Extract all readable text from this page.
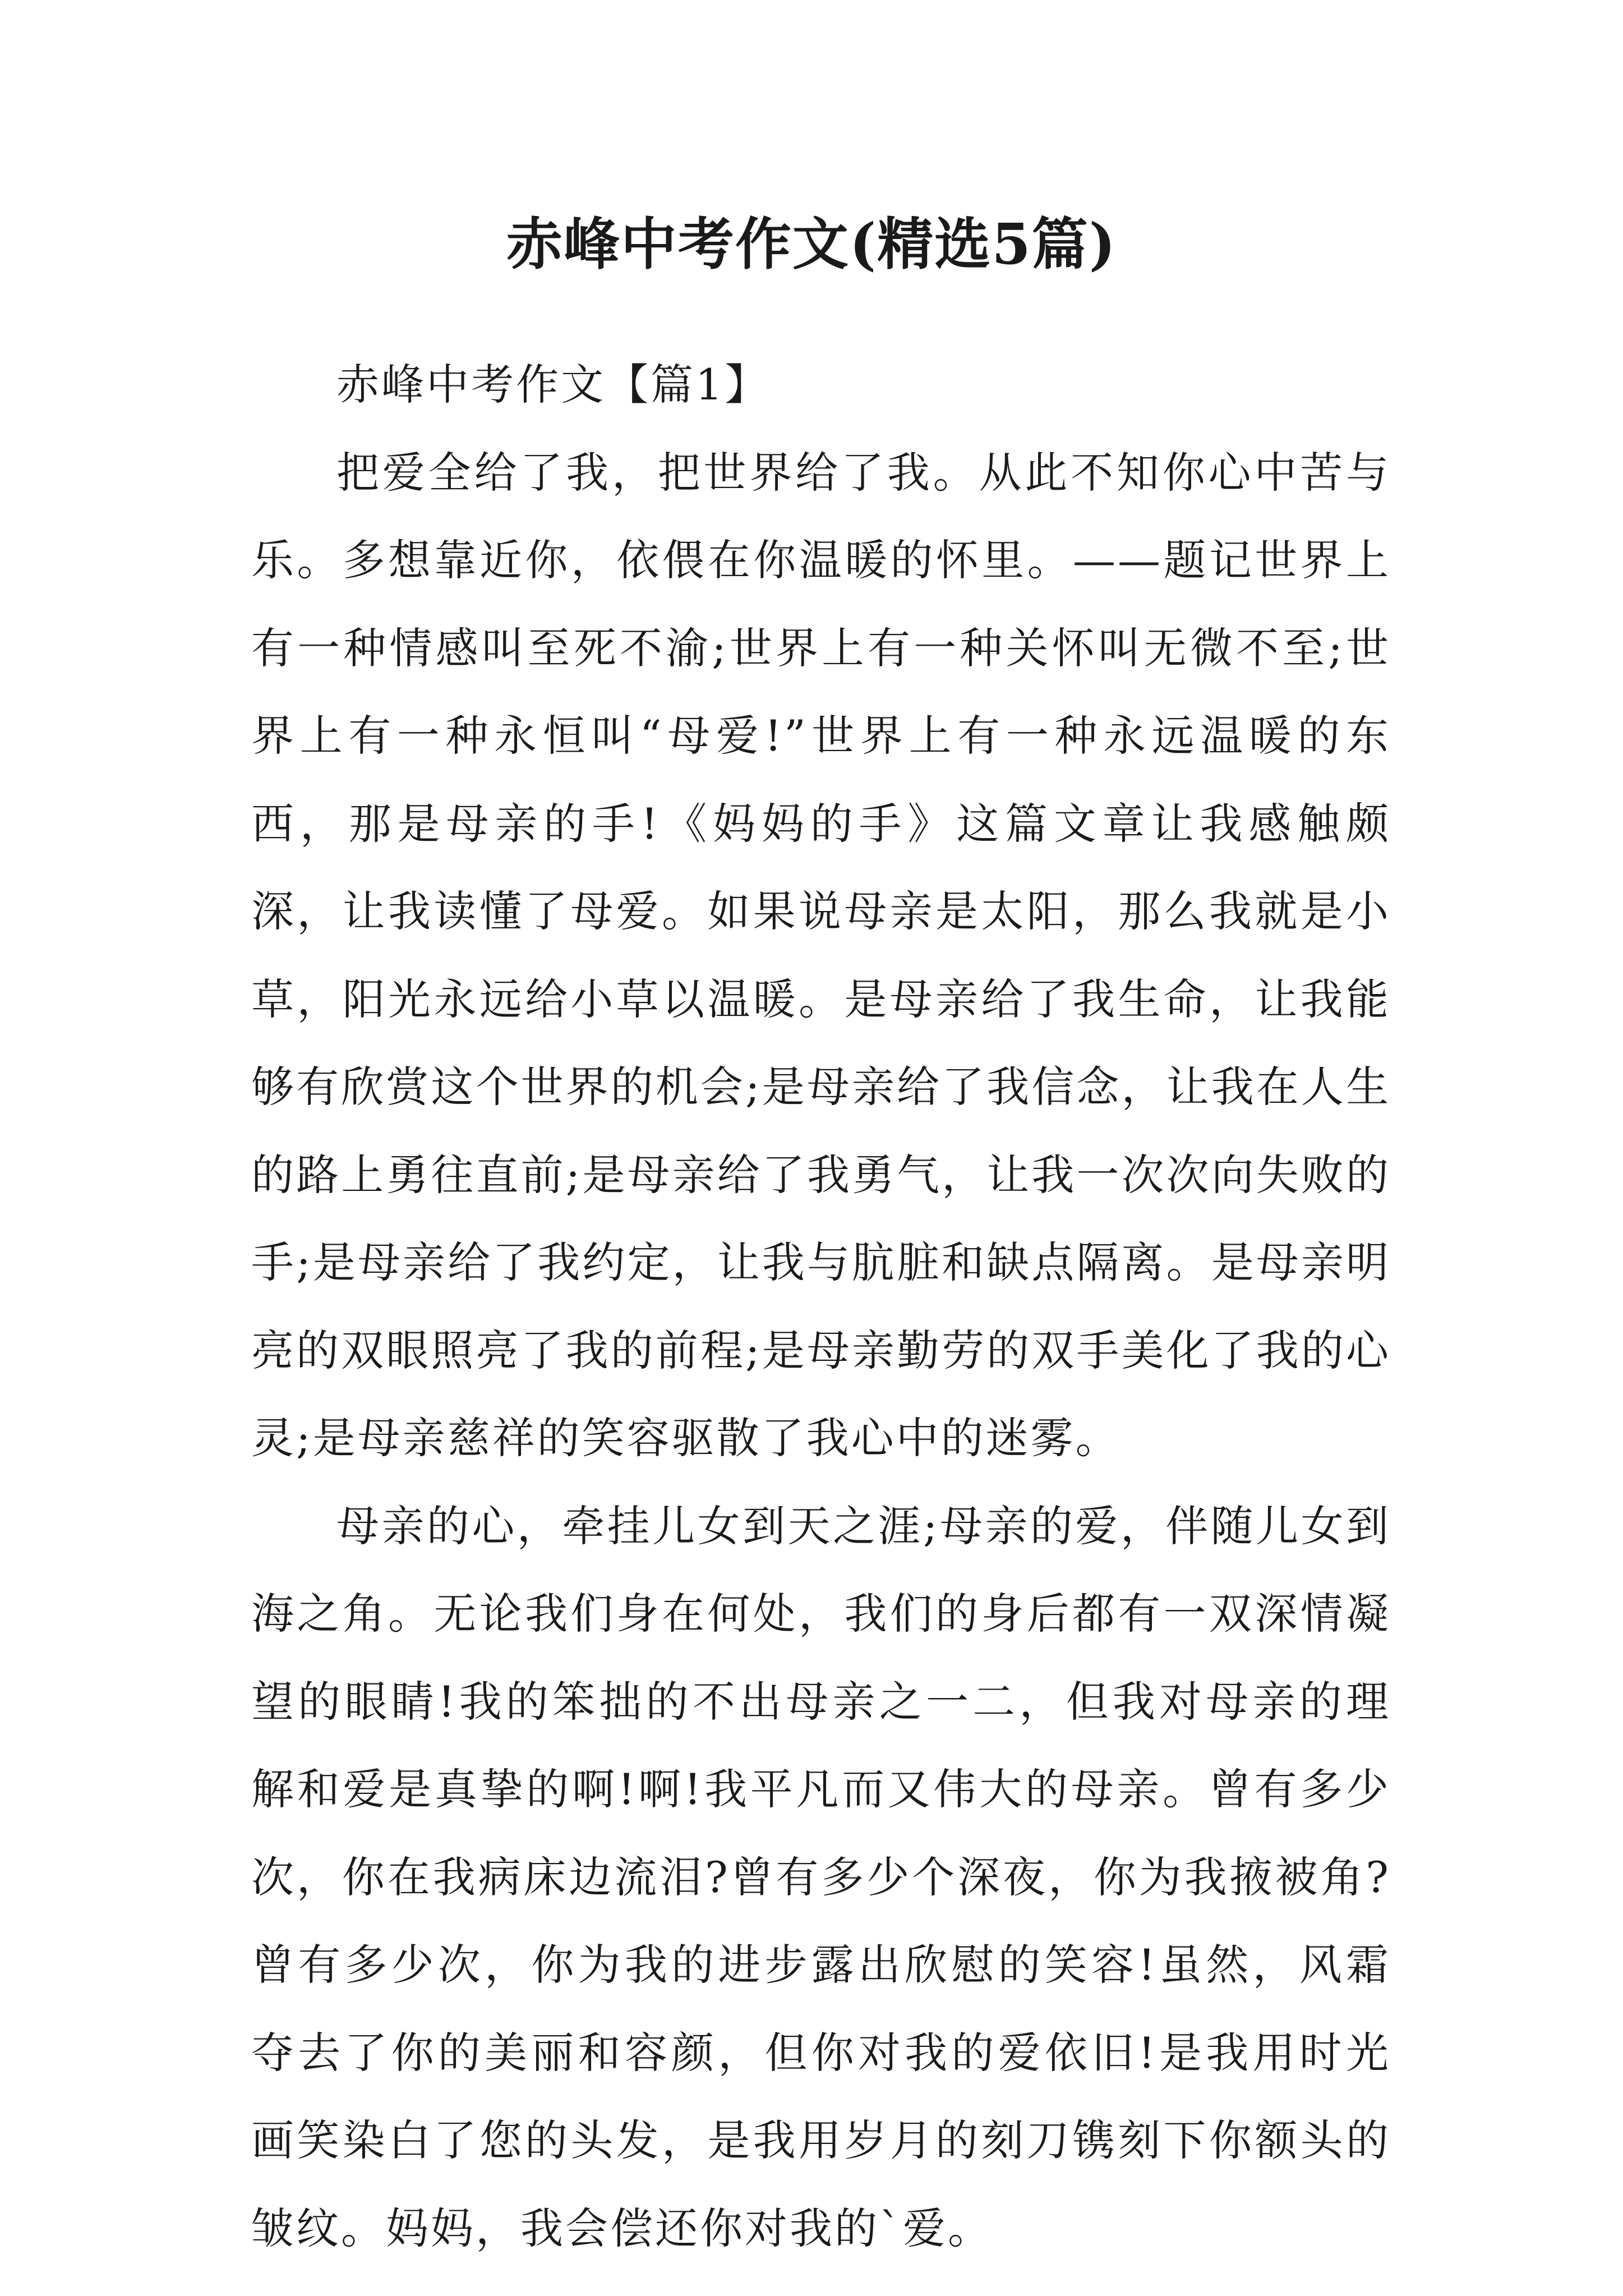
赤峰中考作文(精选5篇)

赤峰中考作文【篇1】

把爱全给了我，把世界给了我。从此不知你心中苦与乐。多想靠近你，依偎在你温暖的怀里。——题记世界上有一种情感叫至死不渝;世界上有一种关怀叫无微不至;世界上有一种永恒叫“母爱!”世界上有一种永远温暖的东西，那是母亲的手!《妈妈的手》这篇文章让我感触颇深，让我读懂了母爱。如果说母亲是太阳，那么我就是小草，阳光永远给小草以温暖。是母亲给了我生命，让我能够有欣赏这个世界的机会;是母亲给了我信念，让我在人生的路上勇往直前;是母亲给了我勇气，让我一次次向失败的手;是母亲给了我约定，让我与肮脏和缺点隔离。是母亲明亮的双眼照亮了我的前程;是母亲勤劳的双手美化了我的心灵;是母亲慈祥的笑容驱散了我心中的迷雾。

母亲的心，牵挂儿女到天之涯;母亲的爱，伴随儿女到海之角。无论我们身在何处，我们的身后都有一双深情凝望的眼睛!我的笨拙的不出母亲之一二，但我对母亲的理解和爱是真挚的啊!啊!我平凡而又伟大的母亲。曾有多少次，你在我病床边流泪?曾有多少个深夜，你为我掖被角?曾有多少次，你为我的进步露出欣慰的笑容!虽然，风霜夺去了你的美丽和容颜，但你对我的爱依旧!是我用时光画笑染白了您的头发，是我用岁月的刻刀镌刻下你额头的皱纹。妈妈，我会偿还你对我的`爱。
